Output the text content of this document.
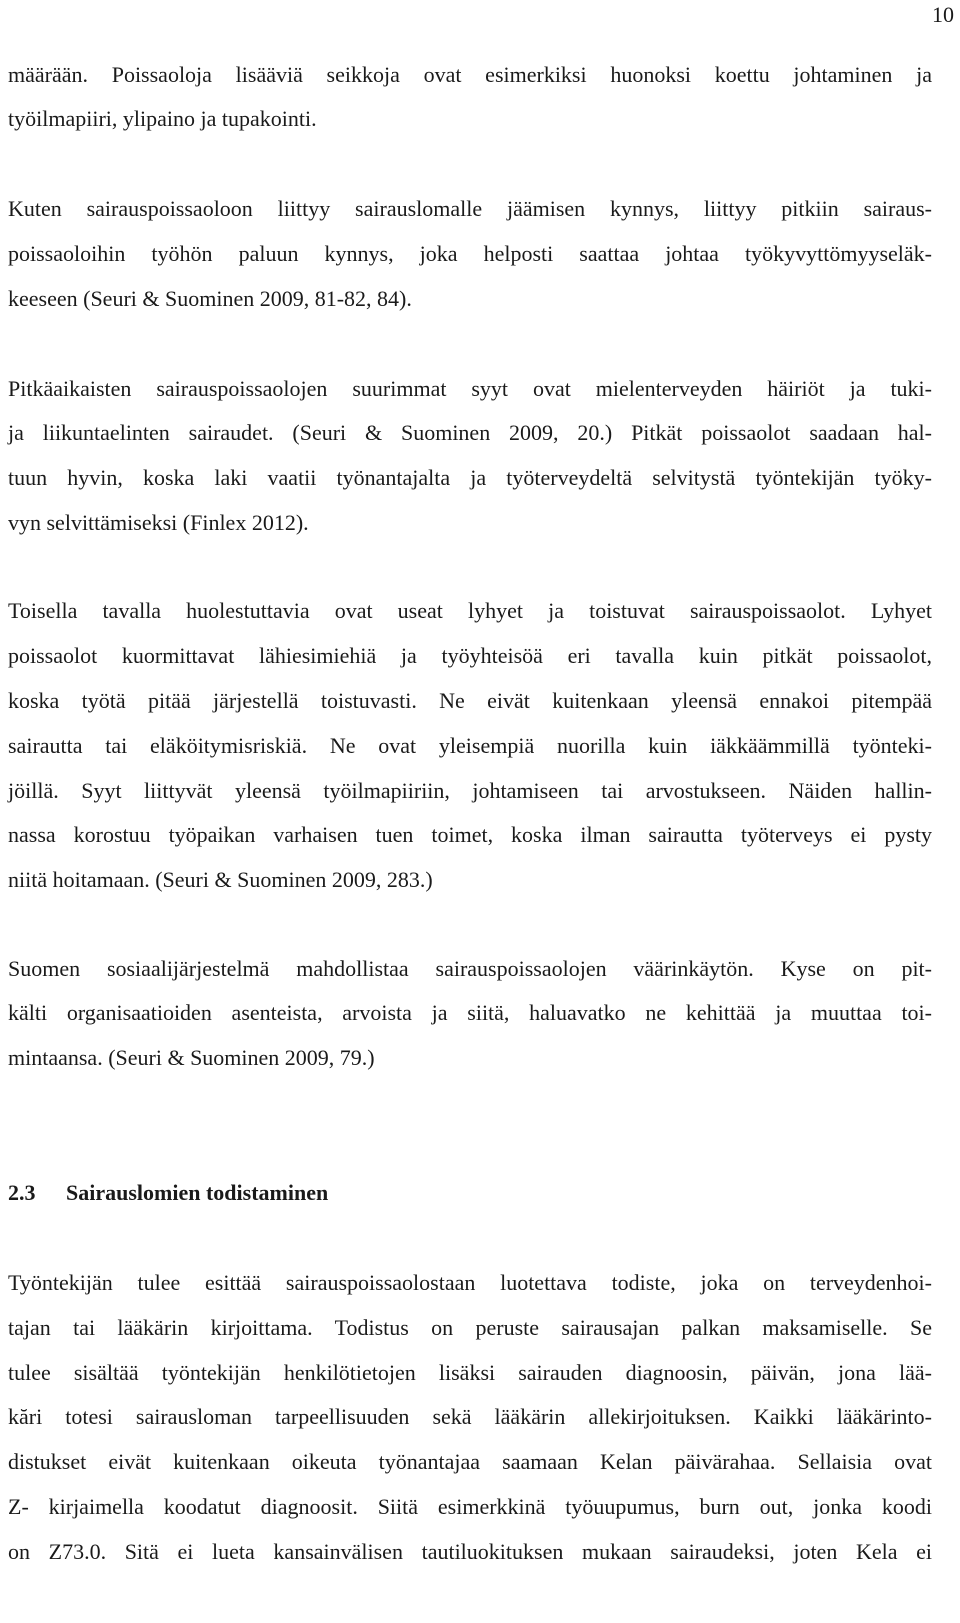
10
määrään. Poissaoloja lisääviä seikkoja ovat esimerkiksi huonoksi koettu johtaminen ja
työilmapiiri, ylipaino ja tupakointi.
Kuten sairauspoissaoloon liittyy sairauslomalle jäämisen kynnys, liittyy pitkiin sairaus-
poissaoloihin työhön paluun kynnys, joka helposti saattaa johtaa työkyvyttömyyseläk-
keeseen (Seuri & Suominen 2009, 81-82, 84).
Pitkäaikaisten sairauspoissaolojen suurimmat syyt ovat mielenterveyden häiriöt ja tuki-
ja liikuntaelinten sairaudet. (Seuri & Suominen 2009, 20.) Pitkät poissaolot saadaan hal-
tuun hyvin, koska laki vaatii työnantajalta ja työterveydeltä selvitystä työntekijän työky-
vyn selvittämiseksi (Finlex 2012).
Toisella tavalla huolestuttavia ovat useat lyhyet ja toistuvat sairauspoissaolot. Lyhyet
poissaolot kuormittavat lähiesimiehiä ja työyhteisöä eri tavalla kuin pitkät poissaolot,
koska työtä pitää järjestellä toistuvasti. Ne eivät kuitenkaan yleensä ennakoi pitempää
sairautta tai eläköitymisriskiä. Ne ovat yleisempiä nuorilla kuin iäkkäämmillä työnteki-
jöillä. Syyt liittyvät yleensä työilmapiiriin, johtamiseen tai arvostukseen. Näiden hallin-
nassa korostuu työpaikan varhaisen tuen toimet, koska ilman sairautta työterveys ei pysty
niitä hoitamaan. (Seuri & Suominen 2009, 283.)
Suomen sosiaalijärjestelmä mahdollistaa sairauspoissaolojen väärinkäytön. Kyse on pit-
kälti organisaatioiden asenteista, arvoista ja siitä, haluavatko ne kehittää ja muuttaa toi-
mintaansa. (Seuri & Suominen 2009, 79.)
2.3 Sairauslomien todistaminen
Työntekijän tulee esittää sairauspoissaolostaan luotettava todiste, joka on terveydenhoi-
tajan tai lääkärin kirjoittama. Todistus on peruste sairausajan palkan maksamiselle. Se
tulee sisältää työntekijän henkilötietojen lisäksi sairauden diagnoosin, päivän, jona lää-
kări totesi sairausloman tarpeellisuuden sekä lääkärin allekirjoituksen. Kaikki lääkärinto-
distukset eivät kuitenkaan oikeuta työnantajaa saamaan Kelan päivärahaa. Sellaisia ovat
Z- kirjaimella koodatut diagnoosit. Siitä esimerkkinä työuupumus, burn out, jonka koodi
on Z73.0. Sitä ei lueta kansainvälisen tautiluokituksen mukaan sairaudeksi, joten Kela ei
